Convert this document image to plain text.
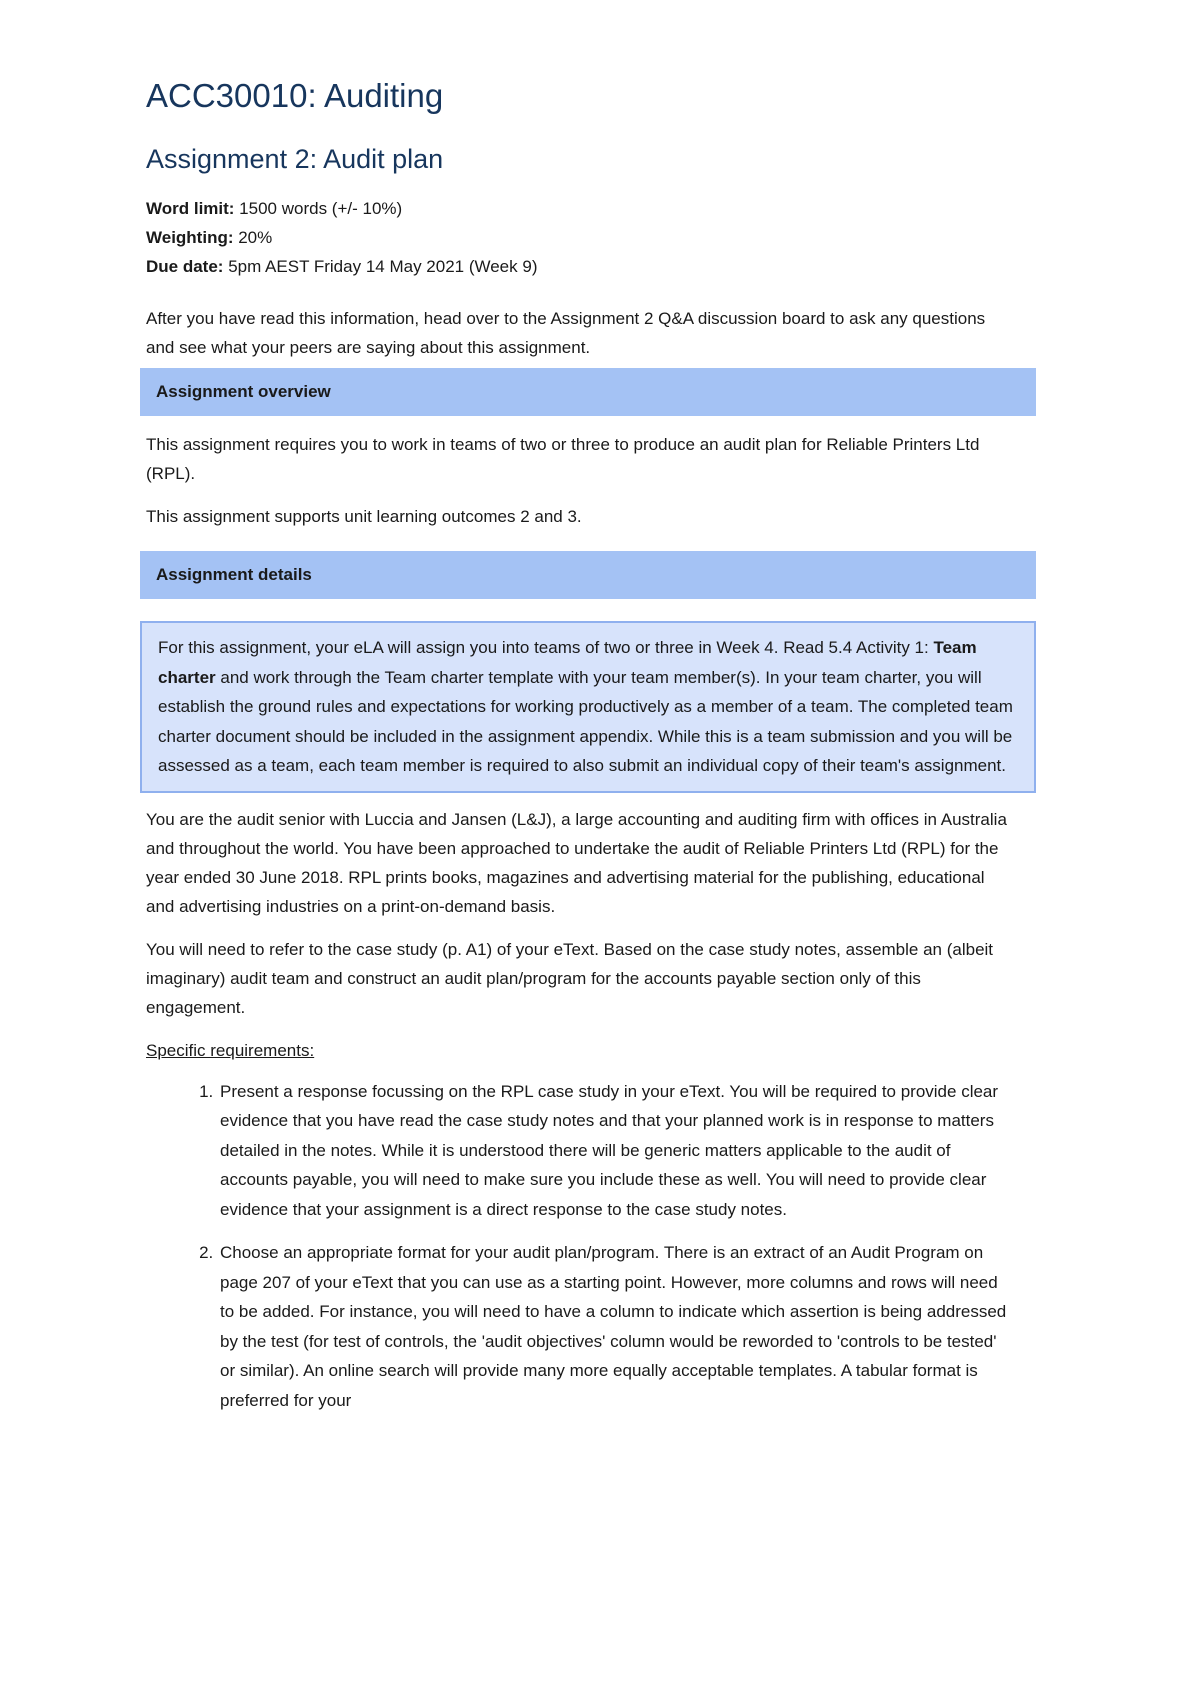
ACC30010: Auditing
Assignment 2: Audit plan
Word limit: 1500 words (+/- 10%)
Weighting: 20%
Due date: 5pm AEST Friday 14 May 2021 (Week 9)

After you have read this information, head over to the Assignment 2 Q&A discussion board to ask any questions and see what your peers are saying about this assignment.

Assignment overview

This assignment requires you to work in teams of two or three to produce an audit plan for Reliable Printers Ltd (RPL).

This assignment supports unit learning outcomes 2 and 3.

Assignment details
For this assignment, your eLA will assign you into teams of two or three in Week 4. Read 5.4 Activity 1: Team charter and work through the Team charter template with your team member(s). In your team charter, you will establish the ground rules and expectations for working productively as a member of a team. The completed team charter document should be included in the assignment appendix. While this is a team submission and you will be assessed as a team, each team member is required to also submit an individual copy of their team's assignment.

You are the audit senior with Luccia and Jansen (L&J), a large accounting and auditing firm with offices in Australia and throughout the world. You have been approached to undertake the audit of Reliable Printers Ltd (RPL) for the year ended 30 June 2018. RPL prints books, magazines and advertising material for the publishing, educational and advertising industries on a print-on-demand basis.

You will need to refer to the case study (p. A1) of your eText. Based on the case study notes, assemble an (albeit imaginary) audit team and construct an audit plan/program for the accounts payable section only of this engagement.

Specific requirements:

1. Present a response focussing on the RPL case study in your eText. You will be required to provide clear evidence that you have read the case study notes and that your planned work is in response to matters detailed in the notes. While it is understood there will be generic matters applicable to the audit of accounts payable, you will need to make sure you include these as well. You will need to provide clear evidence that your assignment is a direct response to the case study notes.
2. Choose an appropriate format for your audit plan/program. There is an extract of an Audit Program on page 207 of your eText that you can use as a starting point. However, more columns and rows will need to be added. For instance, you will need to have a column to indicate which assertion is being addressed by the test (for test of controls, the 'audit objectives' column would be reworded to 'controls to be tested' or similar). An online search will provide many more equally acceptable templates. A tabular format is preferred for your
